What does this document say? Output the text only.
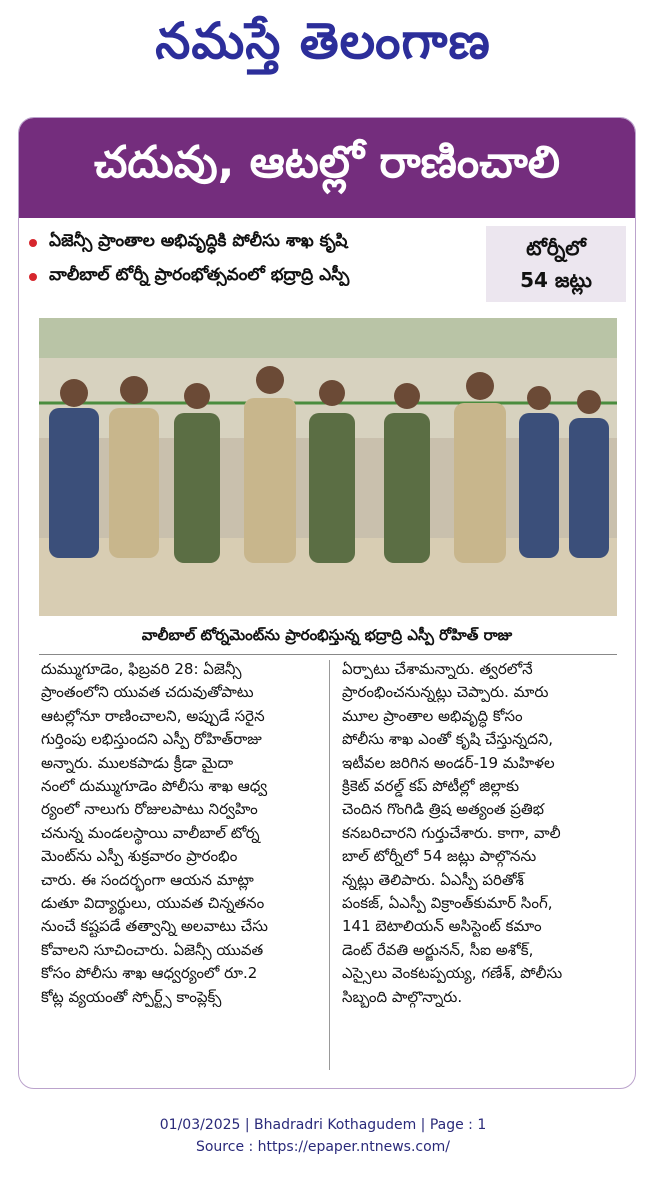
నమస్తే తెలంగాణ
చదువు, ఆటల్లో రాణించాలి
ఏజెన్సీ ప్రాంతాల అభివృద్ధికి పోలీసు శాఖ కృషి
వాలీబాల్ టోర్నీ ప్రారంభోత్సవంలో భద్రాద్రి ఎస్పీ
టోర్నీలో
54 జట్లు
వాలీబాల్ టోర్నమెంట్‌ను ప్రారంభిస్తున్న భద్రాద్రి ఎస్పీ రోహిత్ రాజు
దుమ్ముగూడెం, ఫిబ్రవరి 28: ఏజెన్సీ
ప్రాంతంలోని యువత చదువుతోపాటు
ఆటల్లోనూ రాణించాలని, అప్పుడే సరైన
గుర్తింపు లభిస్తుందని ఎస్పీ రోహిత్‌రాజు
అన్నారు. ములకపాడు క్రీడా మైదా
నంలో దుమ్ముగూడెం పోలీసు శాఖ ఆధ్వ
ర్యంలో నాలుగు రోజులపాటు నిర్వహిం
చనున్న మండలస్థాయి వాలీబాల్ టోర్న
మెంట్‌ను ఎస్పీ శుక్రవారం ప్రారంభిం
చారు. ఈ సందర్భంగా ఆయన మాట్లా
డుతూ విద్యార్థులు, యువత చిన్నతనం
నుంచే కష్టపడే తత్వాన్ని అలవాటు చేసు
కోవాలని సూచించారు. ఏజెన్సీ యువత
కోసం పోలీసు శాఖ ఆధ్వర్యంలో రూ.2
కోట్ల వ్యయంతో స్పోర్ట్స్ కాంప్లెక్స్
ఏర్పాటు చేశామన్నారు. త్వరలోనే
ప్రారంభించనున్నట్లు చెప్పారు. మారు
మూల ప్రాంతాల అభివృద్ధి కోసం
పోలీసు శాఖ ఎంతో కృషి చేస్తున్నదని,
ఇటీవల జరిగిన అండర్-19 మహిళల
క్రికెట్ వరల్డ్ కప్ పోటీల్లో జిల్లాకు
చెందిన గొంగిడి త్రిష అత్యంత ప్రతిభ
కనబరిచారని గుర్తుచేశారు. కాగా, వాలీ
బాల్ టోర్నీలో 54 జట్లు పాల్గొనను
న్నట్లు తెలిపారు. ఏఎస్పీ పరితోశ్
పంకజ్, ఏఎస్పీ విక్రాంత్‌కుమార్ సింగ్,
141 బెటాలియన్ అసిస్టెంట్ కమాం
డెంట్ రేవతి అర్జునన్, సీఐ అశోక్,
ఎస్సైలు వెంకటప్పయ్య, గణేశ్, పోలీసు
సిబ్బంది పాల్గొన్నారు.
01/03/2025 | Bhadradri Kothagudem | Page : 1
Source : https://epaper.ntnews.com/
